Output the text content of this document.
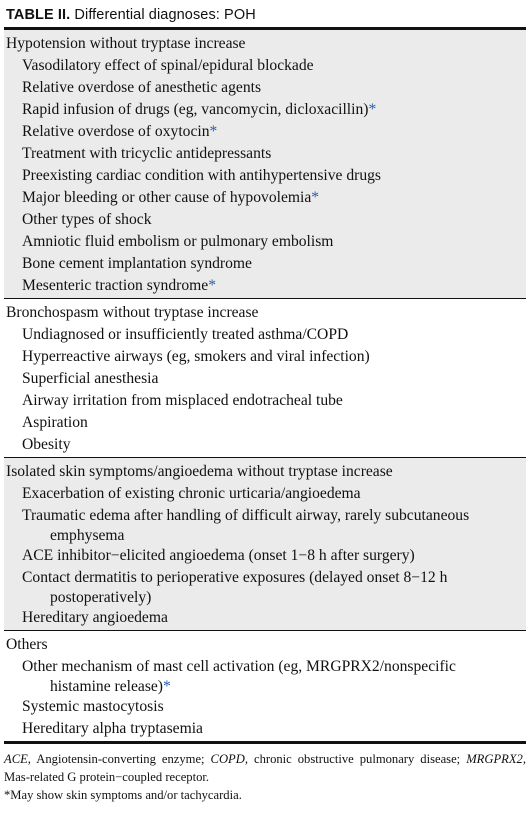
TABLE II. Differential diagnoses: POH
Hypotension without tryptase increase
Vasodilatory effect of spinal/epidural blockade
Relative overdose of anesthetic agents
Rapid infusion of drugs (eg, vancomycin, dicloxacillin)*
Relative overdose of oxytocin*
Treatment with tricyclic antidepressants
Preexisting cardiac condition with antihypertensive drugs
Major bleeding or other cause of hypovolemia*
Other types of shock
Amniotic fluid embolism or pulmonary embolism
Bone cement implantation syndrome
Mesenteric traction syndrome*
Bronchospasm without tryptase increase
Undiagnosed or insufficiently treated asthma/COPD
Hyperreactive airways (eg, smokers and viral infection)
Superficial anesthesia
Airway irritation from misplaced endotracheal tube
Aspiration
Obesity
Isolated skin symptoms/angioedema without tryptase increase
Exacerbation of existing chronic urticaria/angioedema
Traumatic edema after handling of difficult airway, rarely subcutaneous
emphysema
ACE inhibitor−elicited angioedema (onset 1−8 h after surgery)
Contact dermatitis to perioperative exposures (delayed onset 8−12 h
postoperatively)
Hereditary angioedema
Others
Other mechanism of mast cell activation (eg, MRGPRX2/nonspecific
histamine release)*
Systemic mastocytosis
Hereditary alpha tryptasemia
ACE, Angiotensin-converting enzyme; COPD, chronic obstructive pulmonary disease; MRGPRX2, Mas-related G protein−coupled receptor.
*May show skin symptoms and/or tachycardia.
